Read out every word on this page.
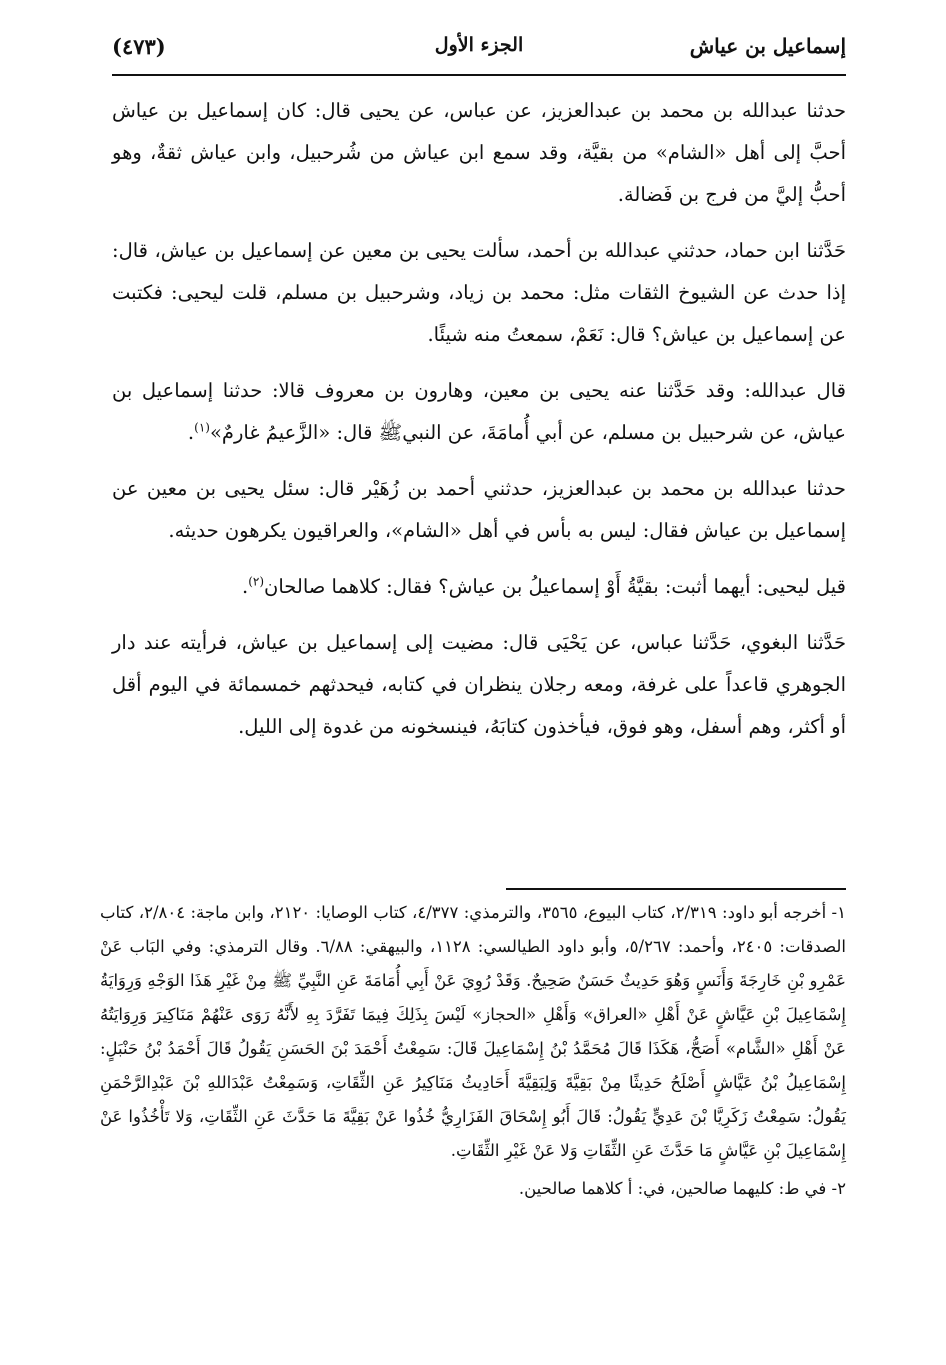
إسماعيل بن عياش
الجزء الأول
(٤٧٣)

حدثنا عبدالله بن محمد بن عبدالعزيز، عن عباس، عن يحيى قال: كان إسماعيل بن عياش أحبَّ إلى أهل «الشام» من بقيَّة، وقد سمع ابن عياش من شُرحبيل، وابن عياش ثقةٌ، وهو أحبُّ إليَّ من فرج بن فَضالة.

حَدَّثنا ابن حماد، حدثني عبدالله بن أحمد، سألت يحيى بن معين عن إسماعيل بن عياش، قال: إذا حدث عن الشيوخ الثقات مثل: محمد بن زياد، وشرحبيل بن مسلم، قلت ليحيى: فكتبت عن إسماعيل بن عياش؟ قال: نَعَمْ، سمعتُ منه شيئًا.

قال عبدالله: وقد حَدَّثنا عنه يحيى بن معين، وهارون بن معروف قالا: حدثنا إسماعيل بن عياش، عن شرحبيل بن مسلم، عن أبي أُمامَةَ، عن النبيﷺ قال: «الزَّعيمُ غارمٌ»$^{(١)}$.

حدثنا عبدالله بن محمد بن عبدالعزيز، حدثني أحمد بن زُهَيْر قال: سئل يحيى بن معين عن إسماعيل بن عياش فقال: ليس به بأس في أهل «الشام»، والعراقيون يكرهون حديثه.

قيل ليحيى: أيهما أثبت: بقيَّةُ أَوْ إسماعيلُ بن عياش؟ فقال: كلاهما صالحان$^{(٢)}$.

حَدَّثنا البغوي، حَدَّثنا عباس، عن يَحْيَى قال: مضيت إلى إسماعيل بن عياش، فرأيته عند دار الجوهري قاعداً على غرفة، ومعه رجلان ينظران في كتابه، فيحدثهم خمسمائة في اليوم أقل أو أكثر، وهم أسفل، وهو فوق، فيأخذون كتابَهُ، فينسخونه من غدوة إلى الليل.

١- أخرجه أبو داود: ٢/٣١٩، كتاب البيوع، ٣٥٦٥، والترمذي: ٤/٣٧٧، كتاب الوصايا: ٢١٢٠، وابن ماجة: ٢/٨٠٤، كتاب الصدقات: ٢٤٠٥، وأحمد: ٥/٢٦٧، وأبو داود الطيالسي: ١١٢٨، والبيهقي: ٦/٨٨. وقال الترمذي: وفي البَاب عَنْ عَمْرِو بْنِ خَارِجَةَ وَأَنَسٍ وَهُوَ حَدِيثٌ حَسَنٌ صَحِيحٌ. وَقَدْ رُوِيَ عَنْ أَبِي أُمَامَةَ عَنِ النَّبِيِّ ﷺ مِنْ غَيْرِ هَذَا الوَجْهِ وَرِوَايَةُ إِسْمَاعِيلَ بْنِ عَيَّاشٍ عَنْ أَهْلِ «العراق» وَأَهْلِ «الحجاز» لَيْسَ بِذَلِكَ فِيمَا تَفَرَّدَ بِهِ لأَنَّهُ رَوَى عَنْهُمْ مَنَاكِيرَ وَرِوَايَتُهُ عَنْ أَهْلِ «الشَّام» أَصَحُّ، هَكَذَا قَالَ مُحَمَّدُ بْنُ إِسْمَاعِيلَ قَالَ: سَمِعْتُ أَحْمَدَ بْنَ الحَسَنِ يَقُولُ قَالَ أَحْمَدُ بْنُ حَنْبَلٍ: إِسْمَاعِيلُ بْنُ عَيَّاشٍ أَصْلَحُ حَدِيثًا مِنْ بَقِيَّةَ وَلِبَقِيَّةَ أَحَادِيثُ مَنَاكِيرُ عَنِ الثِّقَاتِ، وَسَمِعْتُ عَبْدَاللهِ بْنَ عَبْدِالرَّحْمَنِ يَقُولُ: سَمِعْتُ زَكَرِيَّا بْنَ عَدِيٍّ يَقُولُ: قَالَ أَبُو إِسْحَاقَ الفَزَارِيُّ خُذُوا عَنْ بَقِيَّةَ مَا حَدَّثَ عَنِ الثِّقَاتِ، وَلا تَأْخُذُوا عَنْ إِسْمَاعِيلَ بْنِ عَيَّاشٍ مَا حَدَّثَ عَنِ الثِّقَاتِ وَلا عَنْ غَيْرِ الثِّقَاتِ.

٢- في ط: كليهما صالحين، في: أ كلاهما صالحين.
